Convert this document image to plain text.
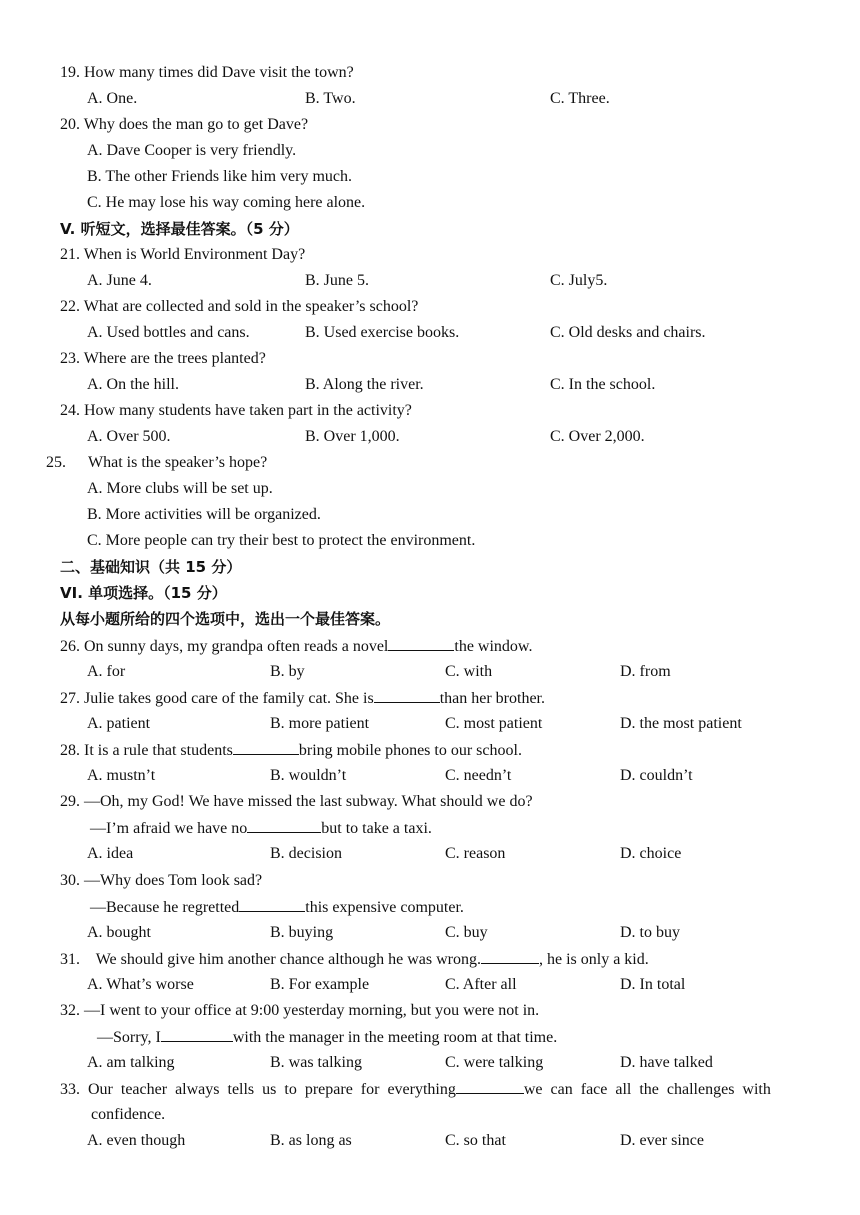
19. How many times did Dave visit the town?
A. One.	B. Two.	C. Three.
20. Why does the man go to get Dave?
A. Dave Cooper is very friendly.
B. The other Friends like him very much.
C. He may lose his way coming here alone.
V. 听短文，选择最佳答案。（5 分）
21. When is World Environment Day?
A. June 4.	B. June 5.	C. July5.
22. What are collected and sold in the speaker’s school?
A. Used bottles and cans.	B. Used exercise books.	C. Old desks and chairs.
23. Where are the trees planted?
A. On the hill.	B. Along the river.	C. In the school.
24. How many students have taken part in the activity?
A. Over 500.	B. Over 1,000.	C. Over 2,000.
25. What is the speaker’s hope?
A. More clubs will be set up.
B. More activities will be organized.
C. More people can try their best to protect the environment.
二、基础知识（共 15 分）
VI. 单项选择。（15 分）
从每小题所给的四个选项中，选出一个最佳答案。
26. On sunny days, my grandpa often reads a novel	the window.
A. for	B. by	C. with	D. from
27. Julie takes good care of the family cat. She is	than her brother.
A. patient	B. more patient	C. most patient	D. the most patient
28. It is a rule that students	bring mobile phones to our school.
A. mustn’t	B. wouldn’t	C. needn’t	D. couldn’t
29. —Oh, my God! We have missed the last subway. What should we do?
—I’m afraid we have no	but to take a taxi.
A. idea	B. decision	C. reason	D. choice
30. —Why does Tom look sad?
—Because he regretted	this expensive computer.
A. bought	B. buying	C. buy	D. to buy
31.    We should give him another chance although he was wrong.	, he is only a kid.
A. What’s worse	B. For example	C. After all	D. In total
32. —I went to your office at 9:00 yesterday morning, but you were not in.
—Sorry, I	with the manager in the meeting room at that time.
A. am talking	B. was talking	C. were talking	D. have talked
33.  Our  teacher  always  tells  us  to  prepare  for  everything	we  can  face  all  the  challenges  with
confidence.
A. even though	B. as long as	C. so that	D. ever since
